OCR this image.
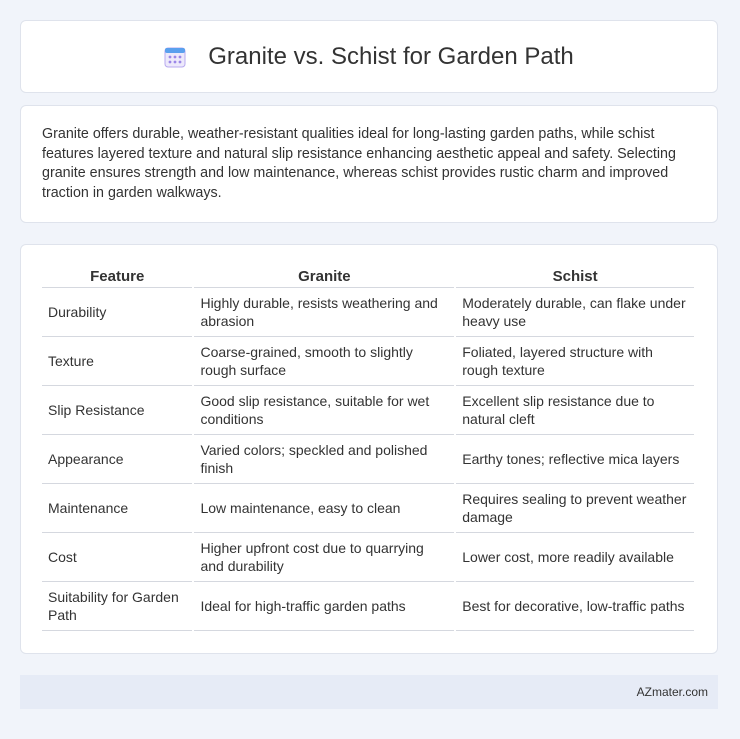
Granite vs. Schist for Garden Path

Granite offers durable, weather-resistant qualities ideal for long-lasting garden paths, while schist features layered texture and natural slip resistance enhancing aesthetic appeal and safety. Selecting granite ensures strength and low maintenance, whereas schist provides rustic charm and improved traction in garden walkways.

Feature	Granite	Schist
Durability	Highly durable, resists weathering and abrasion	Moderately durable, can flake under heavy use
Texture	Coarse-grained, smooth to slightly rough surface	Foliated, layered structure with rough texture
Slip Resistance	Good slip resistance, suitable for wet conditions	Excellent slip resistance due to natural cleft
Appearance	Varied colors; speckled and polished finish	Earthy tones; reflective mica layers
Maintenance	Low maintenance, easy to clean	Requires sealing to prevent weather damage
Cost	Higher upfront cost due to quarrying and durability	Lower cost, more readily available
Suitability for Garden Path	Ideal for high-traffic garden paths	Best for decorative, low-traffic paths
AZmater.com
